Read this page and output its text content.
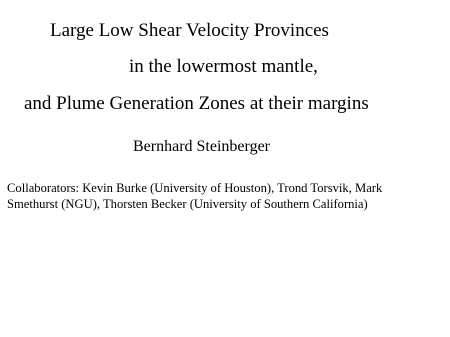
Large Low Shear Velocity Provinces
in the lowermost mantle,
and Plume Generation Zones at their margins
Bernhard Steinberger
Collaborators: Kevin Burke (University of Houston), Trond Torsvik, Mark
Smethurst (NGU), Thorsten Becker (University of Southern California)
